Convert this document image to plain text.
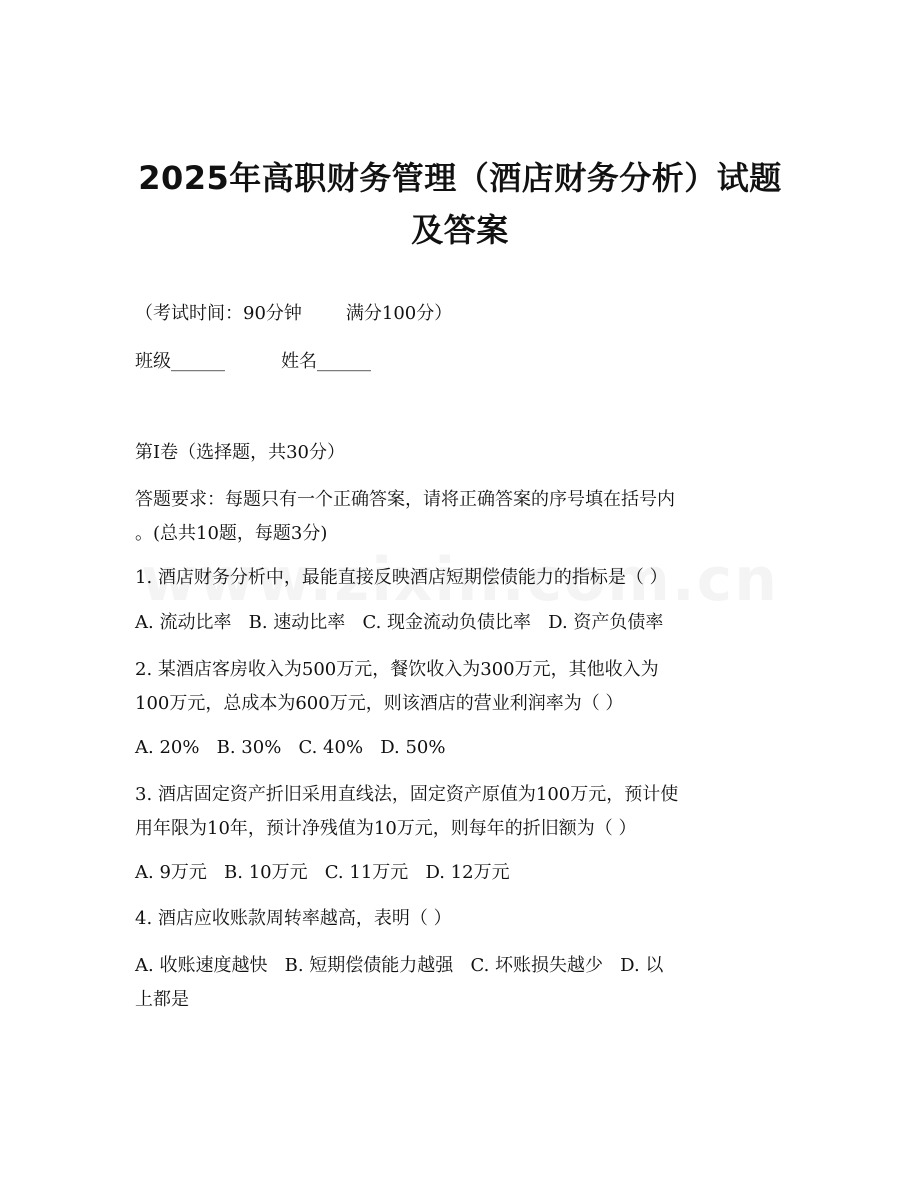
2025年高职财务管理（酒店财务分析）试题
及答案
（考试时间：90分钟 满分100分）
班级______	姓名______
第I卷（选择题，共30分）
答题要求：每题只有一个正确答案，请将正确答案的序号填在括号内
。(总共10题，每题3分)
1. 酒店财务分析中，最能直接反映酒店短期偿债能力的指标是（ ）
A. 流动比率   B. 速动比率   C. 现金流动负债比率   D. 资产负债率
2. 某酒店客房收入为500万元，餐饮收入为300万元，其他收入为
100万元，总成本为600万元，则该酒店的营业利润率为（ ）
A. 20%   B. 30%   C. 40%   D. 50%
3. 酒店固定资产折旧采用直线法，固定资产原值为100万元，预计使
用年限为10年，预计净残值为10万元，则每年的折旧额为（ ）
A. 9万元   B. 10万元   C. 11万元   D. 12万元
4. 酒店应收账款周转率越高，表明（ ）
A. 收账速度越快   B. 短期偿债能力越强   C. 坏账损失越少   D. 以
上都是
